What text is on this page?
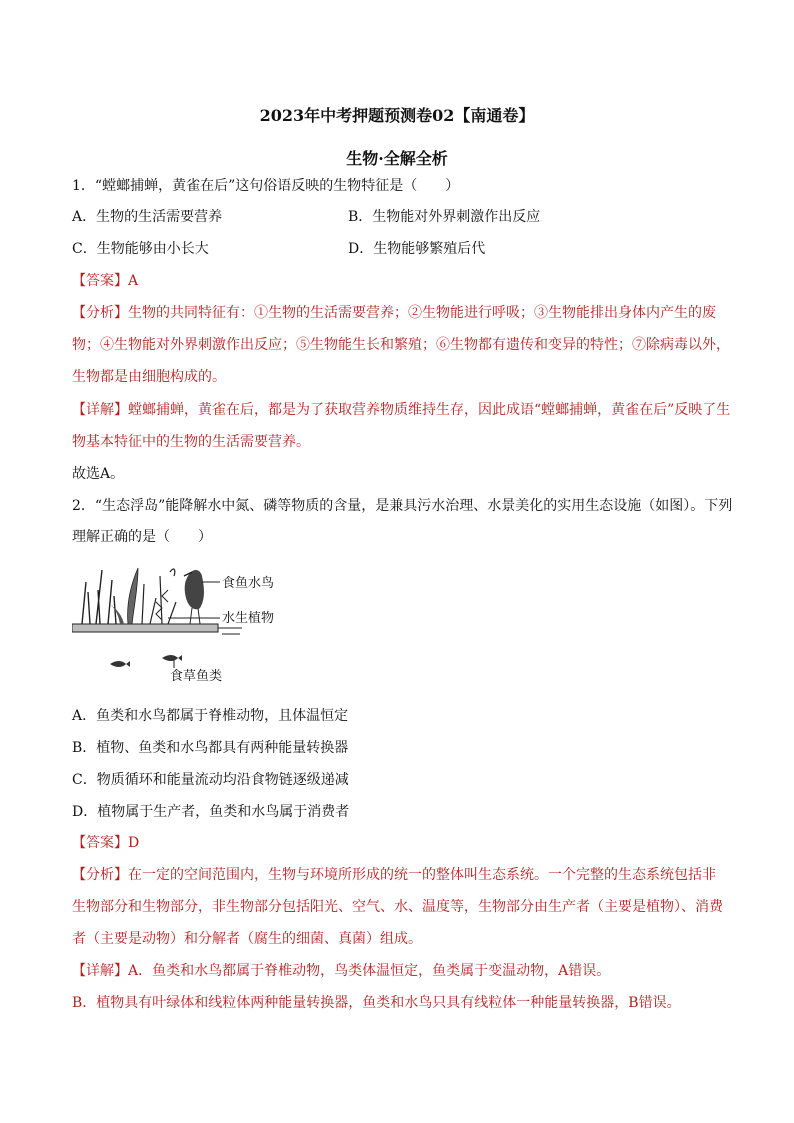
2023年中考押题预测卷02【南通卷】
生物·全解全析
1．“螳螂捕蝉，黄雀在后”这句俗语反映的生物特征是（　　）
A．生物的生活需要营养	B．生物能对外界刺激作出反应
C．生物能够由小长大	D．生物能够繁殖后代
【答案】A
【分析】生物的共同特征有：①生物的生活需要营养；②生物能进行呼吸；③生物能排出身体内产生的废
物；④生物能对外界刺激作出反应；⑤生物能生长和繁殖；⑥生物都有遗传和变异的特性；⑦除病毒以外，
生物都是由细胞构成的。
【详解】螳螂捕蝉，黄雀在后，都是为了获取营养物质维持生存，因此成语“螳螂捕蝉，黄雀在后”反映了生
物基本特征中的生物的生活需要营养。
故选A。
2．“生态浮岛”能降解水中氮、磷等物质的含量，是兼具污水治理、水景美化的实用生态设施（如图）。下列
理解正确的是（　　）
食鱼水鸟
水生植物
食草鱼类
A．鱼类和水鸟都属于脊椎动物，且体温恒定
B．植物、鱼类和水鸟都具有两种能量转换器
C．物质循环和能量流动均沿食物链逐级递减
D．植物属于生产者，鱼类和水鸟属于消费者
【答案】D
【分析】在一定的空间范围内，生物与环境所形成的统一的整体叫生态系统。一个完整的生态系统包括非
生物部分和生物部分，非生物部分包括阳光、空气、水、温度等，生物部分由生产者（主要是植物）、消费
者（主要是动物）和分解者（腐生的细菌、真菌）组成。
【详解】A．鱼类和水鸟都属于脊椎动物，鸟类体温恒定，鱼类属于变温动物，A错误。
B．植物具有叶绿体和线粒体两种能量转换器，鱼类和水鸟只具有线粒体一种能量转换器，B错误。
